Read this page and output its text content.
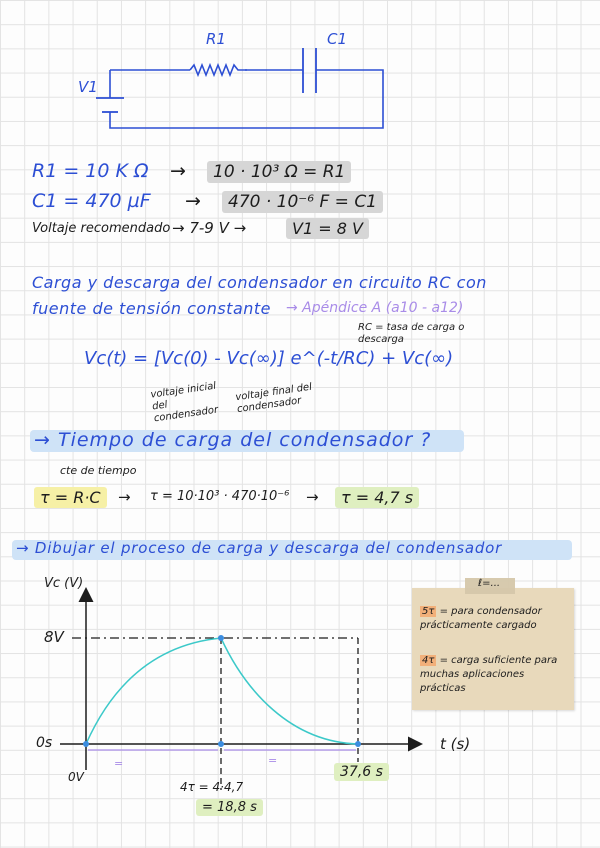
R1	C1
V1
R1 = 10 K Ω →	10 · 10³ Ω = R1
C1 = 470 µF →	470 · 10⁻⁶ F = C1
Voltaje recomendado → 7-9 V →	V1 = 8 V
Carga y descarga del condensador en circuito RC con
fuente de tensión constante → Apéndice A (a10 - a12)
RC = tasa de carga o descarga
Vc(t) = [Vc(0) - Vc(∞)] e^(-t/RC) + Vc(∞)
voltaje inicial del condensador
voltaje final del condensador
→ Tiempo de carga del condensador ?
cte de tiempo
τ = R·C	→ τ = 10·10³ · 470·10⁻⁶ →	τ = 4,7 s
→ Dibujar el proceso de carga y descarga del condensador
Vc (V)
t (s)
8V
0s
0V
=	=
4τ = 4·4,7
= 18,8 s
37,6 s
ℓ=...
5τ = para condensador prácticamente cargado
4τ = carga suficiente para muchas aplicaciones prácticas
